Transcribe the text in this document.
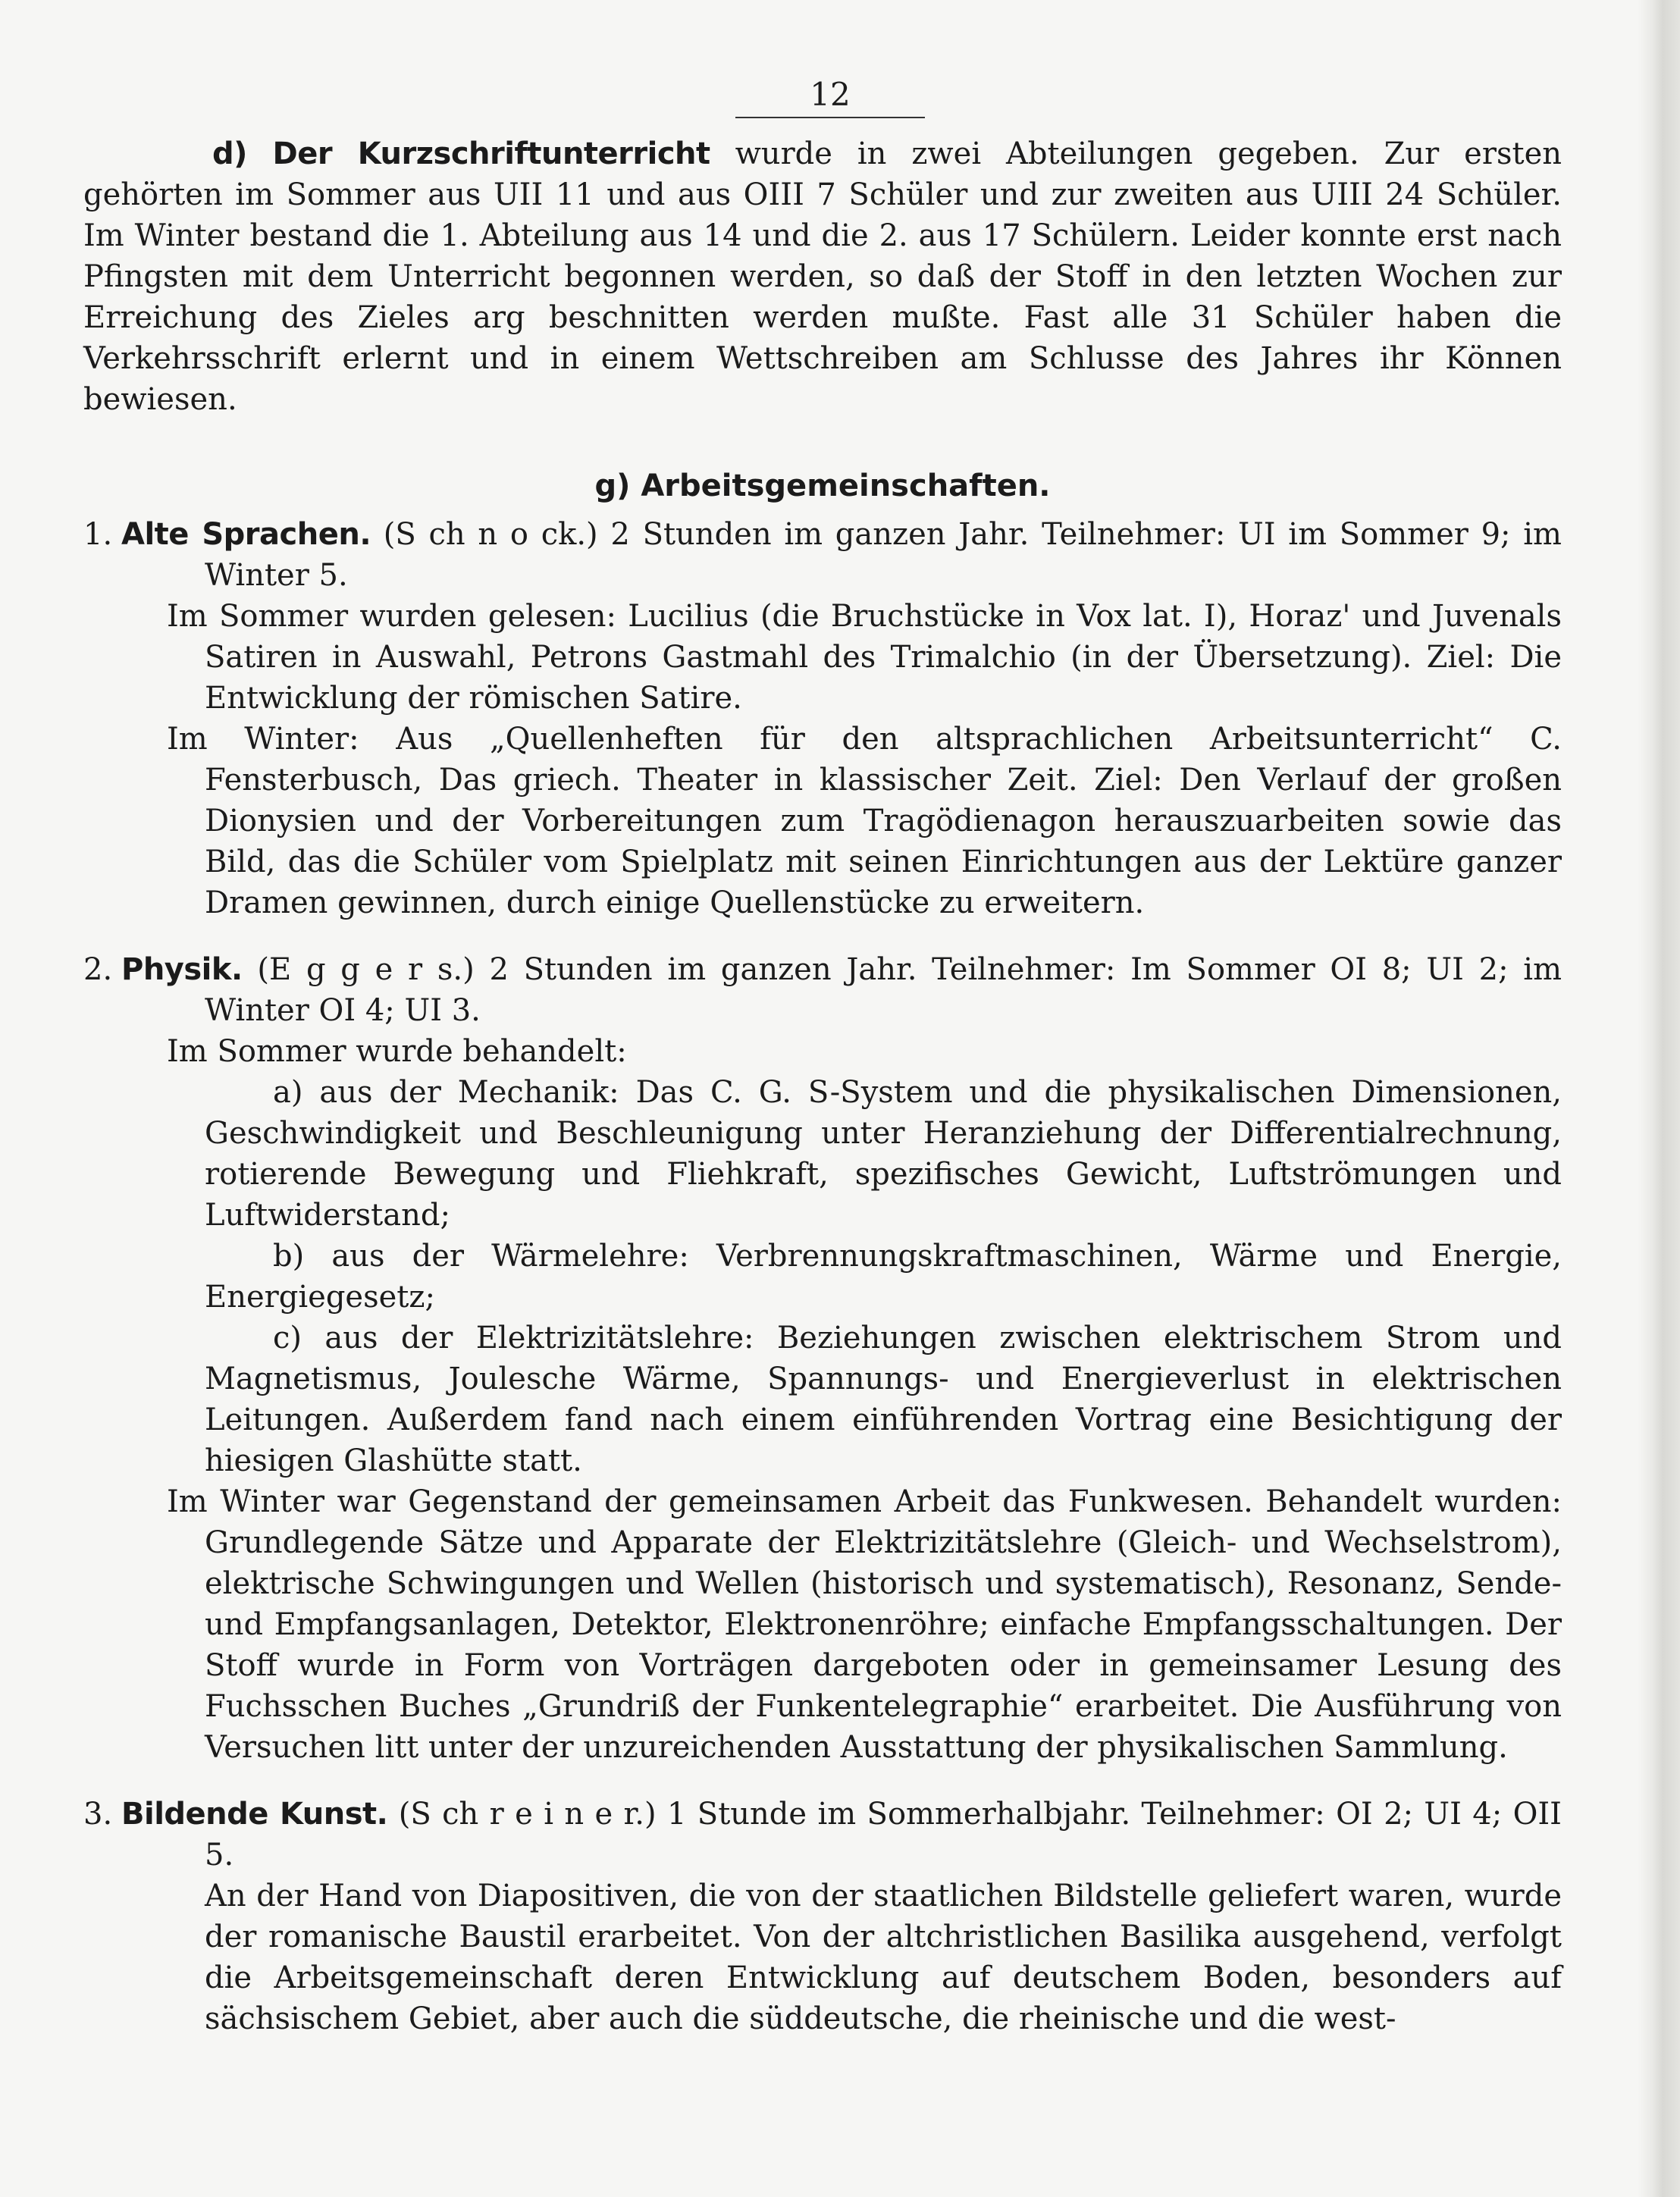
12

d) Der Kurzschriftunterricht wurde in zwei Abteilungen gegeben. Zur ersten gehörten im Sommer aus UII 11 und aus OIII 7 Schüler und zur zweiten aus UIII 24 Schüler. Im Winter bestand die 1. Abteilung aus 14 und die 2. aus 17 Schülern. Leider konnte erst nach Pfingsten mit dem Unterricht begonnen werden, so daß der Stoff in den letzten Wochen zur Erreichung des Zieles arg beschnitten werden mußte. Fast alle 31 Schüler haben die Verkehrsschrift erlernt und in einem Wettschreiben am Schlusse des Jahres ihr Können bewiesen.

g) Arbeitsgemeinschaften.

1. Alte Sprachen. (S ch n o ck.) 2 Stunden im ganzen Jahr. Teilnehmer: UI im Sommer 9; im Winter 5.

Im Sommer wurden gelesen: Lucilius (die Bruchstücke in Vox lat. I), Horaz' und Juvenals Satiren in Auswahl, Petrons Gastmahl des Trimalchio (in der Übersetzung). Ziel: Die Entwicklung der römischen Satire.

Im Winter: Aus „Quellenheften für den altsprachlichen Arbeitsunterricht“ C. Fensterbusch, Das griech. Theater in klassischer Zeit. Ziel: Den Verlauf der großen Dionysien und der Vorbereitungen zum Tragödienagon herauszuarbeiten sowie das Bild, das die Schüler vom Spielplatz mit seinen Einrichtungen aus der Lektüre ganzer Dramen gewinnen, durch einige Quellenstücke zu erweitern.

2. Physik. (E g g e r s.) 2 Stunden im ganzen Jahr. Teilnehmer: Im Sommer OI 8; UI 2; im Winter OI 4; UI 3.

Im Sommer wurde behandelt:

a) aus der Mechanik: Das C. G. S-System und die physikalischen Dimensionen, Geschwindigkeit und Beschleunigung unter Heranziehung der Differentialrechnung, rotierende Bewegung und Fliehkraft, spezifisches Gewicht, Luftströmungen und Luftwiderstand;

b) aus der Wärmelehre: Verbrennungskraftmaschinen, Wärme und Energie, Energiegesetz;

c) aus der Elektrizitätslehre: Beziehungen zwischen elektrischem Strom und Magnetismus, Joulesche Wärme, Spannungs- und Energieverlust in elektrischen Leitungen. Außerdem fand nach einem einführenden Vortrag eine Besichtigung der hiesigen Glashütte statt.

Im Winter war Gegenstand der gemeinsamen Arbeit das Funkwesen. Behandelt wurden: Grundlegende Sätze und Apparate der Elektrizitätslehre (Gleich- und Wechselstrom), elektrische Schwingungen und Wellen (historisch und systematisch), Resonanz, Sende- und Empfangsanlagen, Detektor, Elektronenröhre; einfache Empfangsschaltungen. Der Stoff wurde in Form von Vorträgen dargeboten oder in gemeinsamer Lesung des Fuchsschen Buches „Grundriß der Funkentelegraphie“ erarbeitet. Die Ausführung von Versuchen litt unter der unzureichenden Ausstattung der physikalischen Sammlung.

3. Bildende Kunst. (S ch r e i n e r.) 1 Stunde im Sommerhalbjahr. Teilnehmer: OI 2; UI 4; OII 5.

An der Hand von Diapositiven, die von der staatlichen Bildstelle geliefert waren, wurde der romanische Baustil erarbeitet. Von der altchristlichen Basilika ausgehend, verfolgt die Arbeitsgemeinschaft deren Entwicklung auf deutschem Boden, besonders auf sächsischem Gebiet, aber auch die süddeutsche, die rheinische und die west-
